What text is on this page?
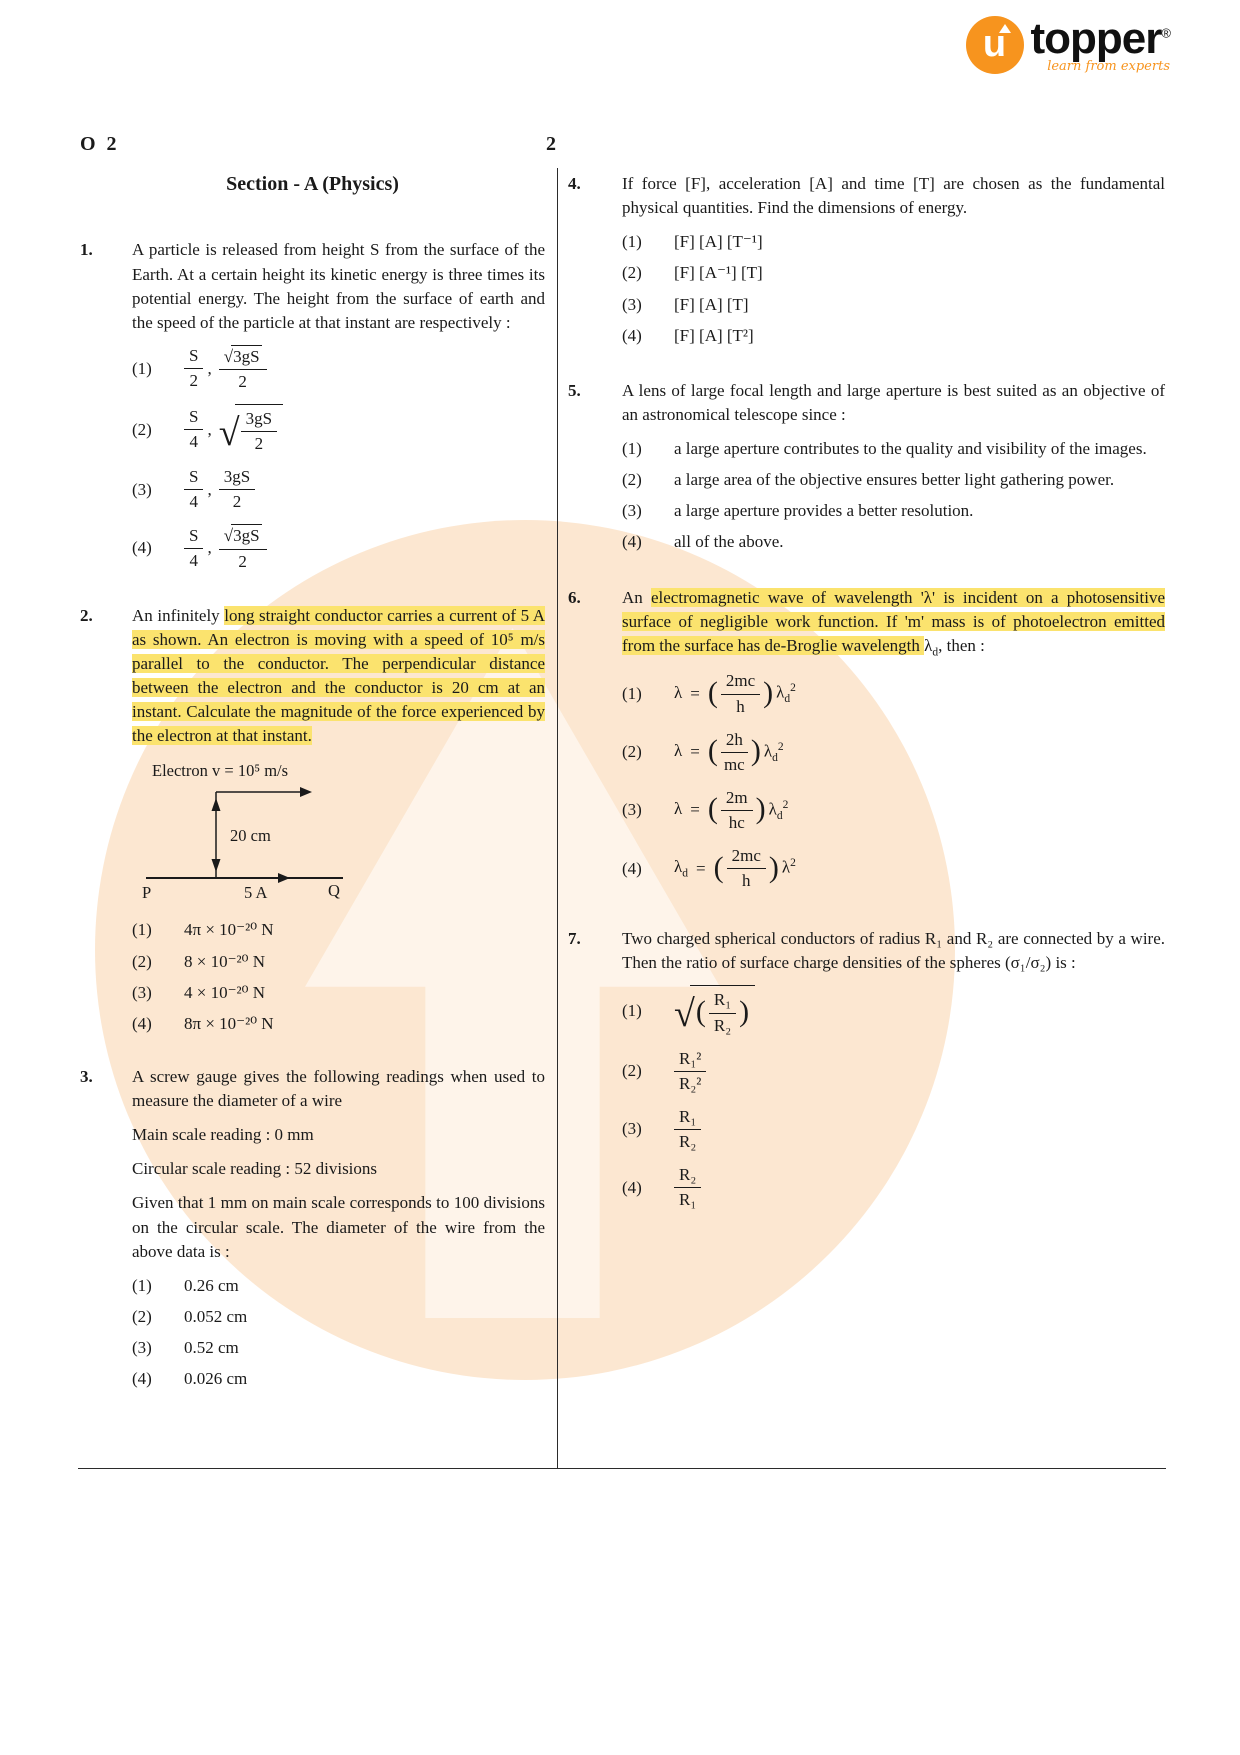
u topper®
learn from experts
O 2	2
Section - A (Physics)
1.	A particle is released from height S from the surface of the Earth. At a certain height its kinetic energy is three times its potential energy. The height from the surface of earth and the speed of the particle at that instant are respectively :

(1)	$\frac{S}{2}$ , $\frac{√3gS}{2}$
(2)	$\frac{S}{4}$ , √ $\frac{3gS}{2}$
(3)	$\frac{S}{4}$ , $\frac{3gS}{2}$
(4)	$\frac{S}{4}$ , $\frac{√3gS}{2}$
2.	An infinitely long straight conductor carries a current of 5 A as shown. An electron is moving with a speed of 10⁵ m/s parallel to the conductor. The perpendicular distance between the electron and the conductor is 20 cm at an instant. Calculate the magnitude of the force experienced by the electron at that instant.

Electron v = 10⁵ m/s
20 cm
P	5 A	Q
(1)	4π × 10⁻²⁰ N
(2)	8 × 10⁻²⁰ N
(3)	4 × 10⁻²⁰ N
(4)	8π × 10⁻²⁰ N
3.	A screw gauge gives the following readings when used to measure the diameter of a wire

Main scale reading : 0 mm

Circular scale reading : 52 divisions

Given that 1 mm on main scale corresponds to 100 divisions on the circular scale. The diameter of the wire from the above data is :

(1)	0.26 cm
(2)	0.052 cm
(3)	0.52 cm
(4)	0.026 cm
4.	If force [F], acceleration [A] and time [T] are chosen as the fundamental physical quantities. Find the dimensions of energy.

(1)	[F] [A] [T⁻¹]
(2)	[F] [A⁻¹] [T]
(3)	[F] [A] [T]
(4)	[F] [A] [T²]
5.	A lens of large focal length and large aperture is best suited as an objective of an astronomical telescope since :

(1)	a large aperture contributes to the quality and visibility of the images.
(2)	a large area of the objective ensures better light gathering power.
(3)	a large aperture provides a better resolution.
(4)	all of the above.
6.	An electromagnetic wave of wavelength 'λ' is incident on a photosensitive surface of negligible work function. If 'm' mass is of photoelectron emitted from the surface has de-Broglie wavelength $\lambda_d$, then :

(1)	λ = ( $\frac{2mc}{h}$ ) $\lambda_d^2$
(2)	λ = ( $\frac{2h}{mc}$ ) $\lambda_d^2$
(3)	λ = ( $\frac{2m}{hc}$ ) $\lambda_d^2$
(4)	$\lambda_d$ = ( $\frac{2mc}{h}$ ) $\lambda^2$
7.	Two charged spherical conductors of radius R₁ and R₂ are connected by a wire. Then the ratio of surface charge densities of the spheres (σ₁/σ₂) is :

(1) √ ( $\frac{\text{R₁}}{\text{R₂}}$ )
(2)	$\frac{\text{R₁²}}{\text{R₂²}}$
(3)	$\frac{\text{R₁}}{\text{R₂}}$
(4)	$\frac{\text{R₂}}{\text{R₁}}$
